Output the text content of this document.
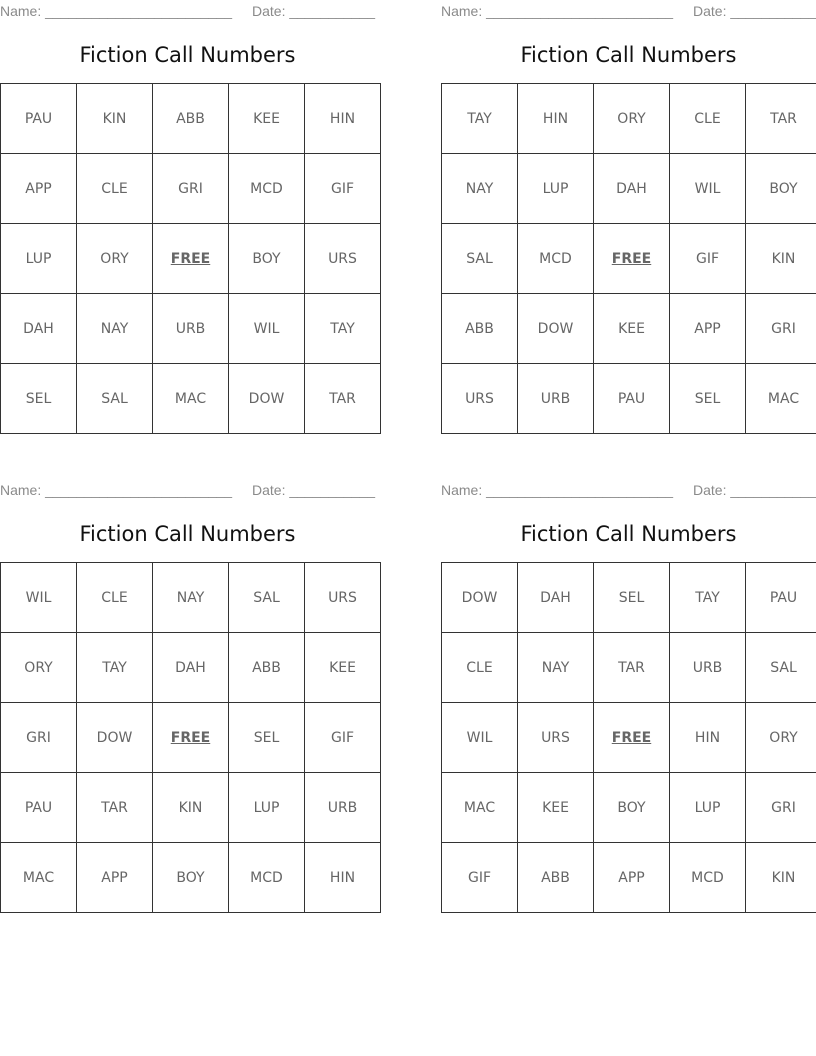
Name: ________________________ Date: ___________
Fiction Call Numbers
PAU	KIN	ABB	KEE	HIN
APP	CLE	GRI	MCD	GIF
LUP	ORY	FREE	BOY	URS
DAH	NAY	URB	WIL	TAY
SEL	SAL	MAC	DOW	TAR
Name: ________________________ Date: ___________
Fiction Call Numbers
TAY	HIN	ORY	CLE	TAR
NAY	LUP	DAH	WIL	BOY
SAL	MCD	FREE	GIF	KIN
ABB	DOW	KEE	APP	GRI
URS	URB	PAU	SEL	MAC
Name: ________________________ Date: ___________
Fiction Call Numbers
WIL	CLE	NAY	SAL	URS
ORY	TAY	DAH	ABB	KEE
GRI	DOW	FREE	SEL	GIF
PAU	TAR	KIN	LUP	URB
MAC	APP	BOY	MCD	HIN
Name: ________________________ Date: ___________
Fiction Call Numbers
DOW	DAH	SEL	TAY	PAU
CLE	NAY	TAR	URB	SAL
WIL	URS	FREE	HIN	ORY
MAC	KEE	BOY	LUP	GRI
GIF	ABB	APP	MCD	KIN
